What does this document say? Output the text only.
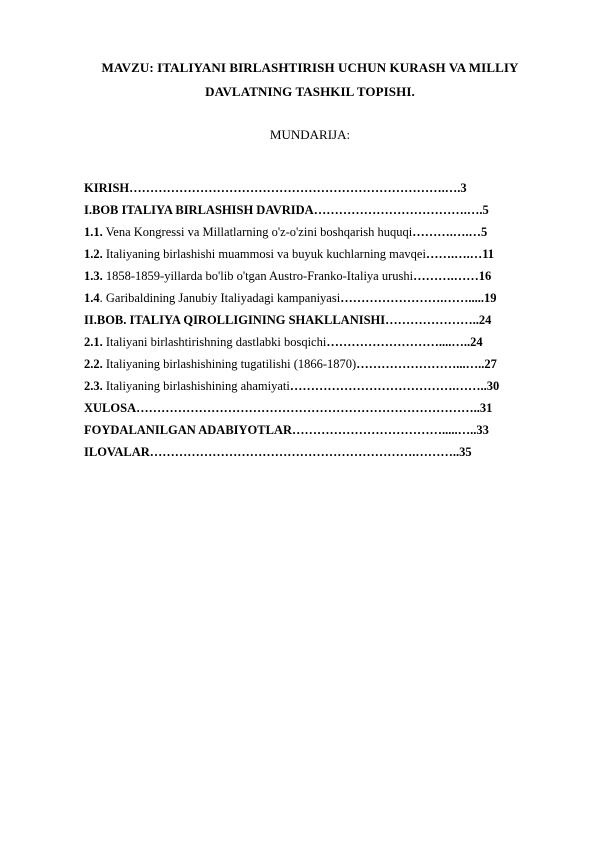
MAVZU: ITALIYANI BIRLASHTIRISH UCHUN KURASH VA MILLIY
DAVLATNING TASHKIL TOPISHI.
MUNDARIJA:
KIRISH………………………………………………………………….….3
I.BOB ITALIYA BIRLASHISH DAVRIDA……………………………….….5
1.1. Vena Kongressi va Millatlarning o'z-o'zini boshqarish huquqi……….….…5
1.2. Italiyaning birlashishi muammosi va buyuk kuchlarning mavqei…….….…11
1.3. 1858-1859-yillarda bo'lib o'tgan Austro-Franko-Italiya urushi……….……16
1.4. Garibaldining Janubiy Italiyadagi kampaniyasi…………………….…….....19
II.BOB. ITALIYA QIROLLIGINING SHAKLLANISHI…………………..24
2.1. Italiyani birlashtirishning dastlabki bosqichi………………………....…..24
2.2. Italiyaning birlashishining tugatilishi (1866-1870)……………………...…..27
2.3. Italiyaning birlashishining ahamiyati………………………………….……..30
XULOSA………………………………………………………………………..31
FOYDALANILGAN ADABIYOTLAR……………………………….....…..33
ILOVALAR……………………………………………………….………..35
